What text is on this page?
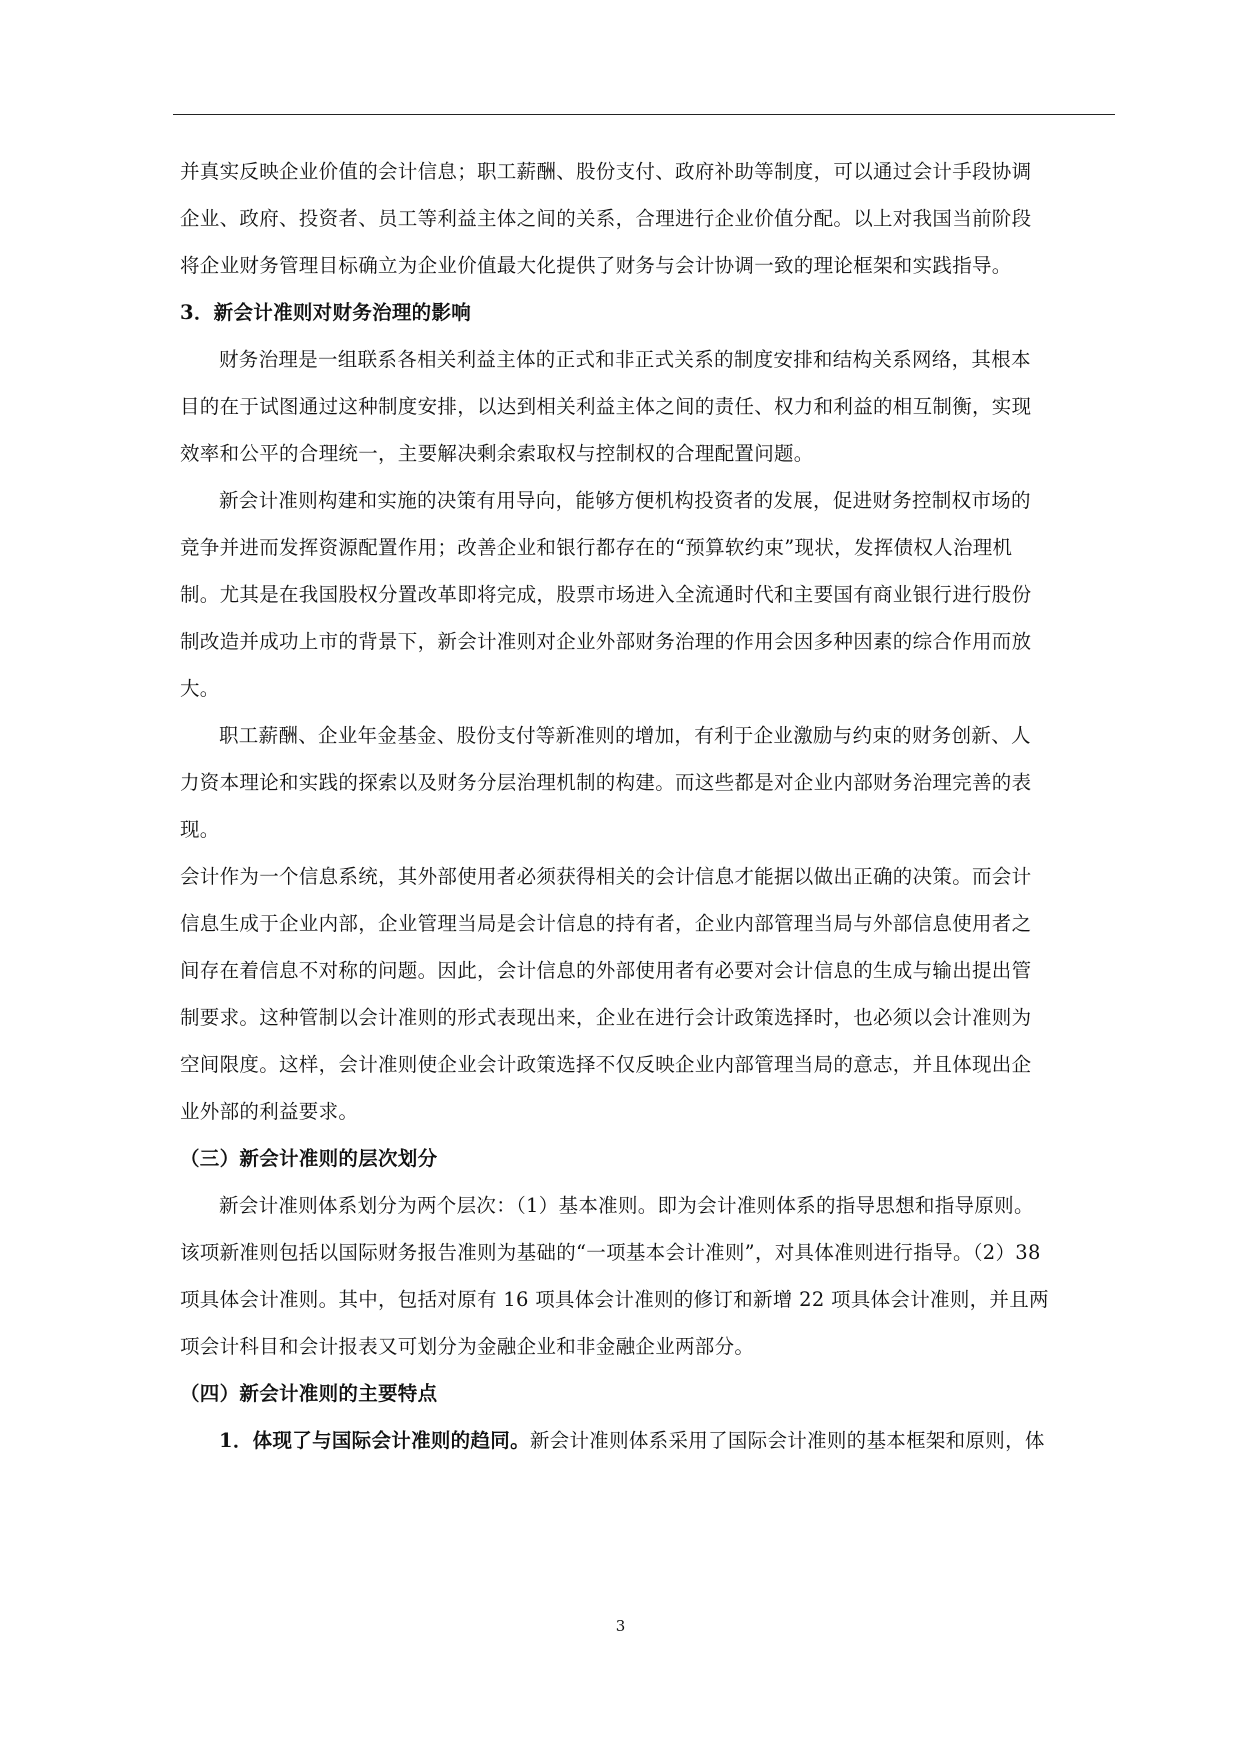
并真实反映企业价值的会计信息；职工薪酬、股份支付、政府补助等制度，可以通过会计手段协调
企业、政府、投资者、员工等利益主体之间的关系，合理进行企业价值分配。以上对我国当前阶段
将企业财务管理目标确立为企业价值最大化提供了财务与会计协调一致的理论框架和实践指导。
3．新会计准则对财务治理的影响
财务治理是一组联系各相关利益主体的正式和非正式关系的制度安排和结构关系网络，其根本
目的在于试图通过这种制度安排，以达到相关利益主体之间的责任、权力和利益的相互制衡，实现
效率和公平的合理统一，主要解决剩余索取权与控制权的合理配置问题。
新会计准则构建和实施的决策有用导向，能够方便机构投资者的发展，促进财务控制权市场的
竞争并进而发挥资源配置作用；改善企业和银行都存在的“预算软约束”现状，发挥债权人治理机
制。尤其是在我国股权分置改革即将完成，股票市场进入全流通时代和主要国有商业银行进行股份
制改造并成功上市的背景下，新会计准则对企业外部财务治理的作用会因多种因素的综合作用而放
大。
职工薪酬、企业年金基金、股份支付等新准则的增加，有利于企业激励与约束的财务创新、人
力资本理论和实践的探索以及财务分层治理机制的构建。而这些都是对企业内部财务治理完善的表
现。
会计作为一个信息系统，其外部使用者必须获得相关的会计信息才能据以做出正确的决策。而会计
信息生成于企业内部，企业管理当局是会计信息的持有者，企业内部管理当局与外部信息使用者之
间存在着信息不对称的问题。因此，会计信息的外部使用者有必要对会计信息的生成与输出提出管
制要求。这种管制以会计准则的形式表现出来，企业在进行会计政策选择时，也必须以会计准则为
空间限度。这样，会计准则使企业会计政策选择不仅反映企业内部管理当局的意志，并且体现出企
业外部的利益要求。
（三）新会计准则的层次划分
新会计准则体系划分为两个层次：（1）基本准则。即为会计准则体系的指导思想和指导原则。
该项新准则包括以国际财务报告准则为基础的“一项基本会计准则”，对具体准则进行指导。（2）38
项具体会计准则。其中，包括对原有 16 项具体会计准则的修订和新增 22 项具体会计准则，并且两
项会计科目和会计报表又可划分为金融企业和非金融企业两部分。
（四）新会计准则的主要特点
1．体现了与国际会计准则的趋同。新会计准则体系采用了国际会计准则的基本框架和原则，体
3
